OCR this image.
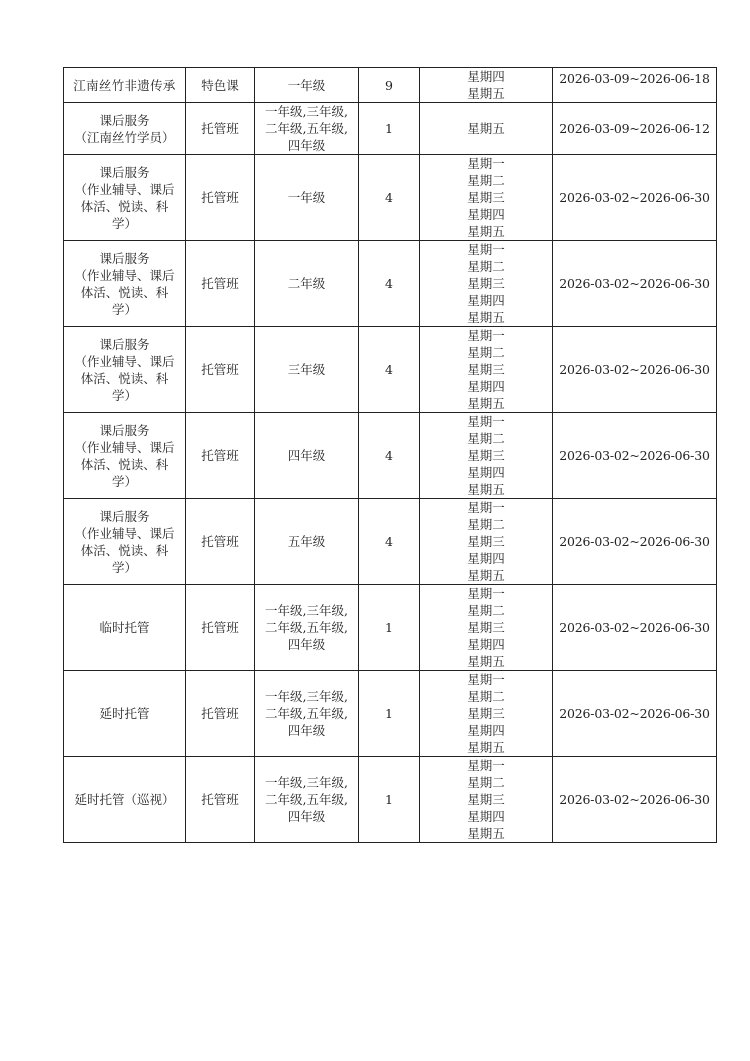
江南丝竹非遗传承	特色课	一年级	9	星期四
星期五	2026-03-09~2026-06-18

课后服务
（江南丝竹学员）	托管班	一年级,三年级,
二年级,五年级,
四年级	1	星期五	2026-03-09~2026-06-12

课后服务
（作业辅导、课后
体活、悦读、科
学）	托管班	一年级	4	星期一
星期二
星期三
星期四
星期五	2026-03-02~2026-06-30

课后服务
（作业辅导、课后
体活、悦读、科
学）	托管班	二年级	4	星期一
星期二
星期三
星期四
星期五	2026-03-02~2026-06-30

课后服务
（作业辅导、课后
体活、悦读、科
学）	托管班	三年级	4	星期一
星期二
星期三
星期四
星期五	2026-03-02~2026-06-30

课后服务
（作业辅导、课后
体活、悦读、科
学）	托管班	四年级	4	星期一
星期二
星期三
星期四
星期五	2026-03-02~2026-06-30

课后服务
（作业辅导、课后
体活、悦读、科
学）	托管班	五年级	4	星期一
星期二
星期三
星期四
星期五	2026-03-02~2026-06-30

临时托管	托管班	一年级,三年级,
二年级,五年级,
四年级	1	星期一
星期二
星期三
星期四
星期五	2026-03-02~2026-06-30

延时托管	托管班	一年级,三年级,
二年级,五年级,
四年级	1	星期一
星期二
星期三
星期四
星期五	2026-03-02~2026-06-30

延时托管（巡视）	托管班	一年级,三年级,
二年级,五年级,
四年级	1	星期一
星期二
星期三
星期四
星期五	2026-03-02~2026-06-30
